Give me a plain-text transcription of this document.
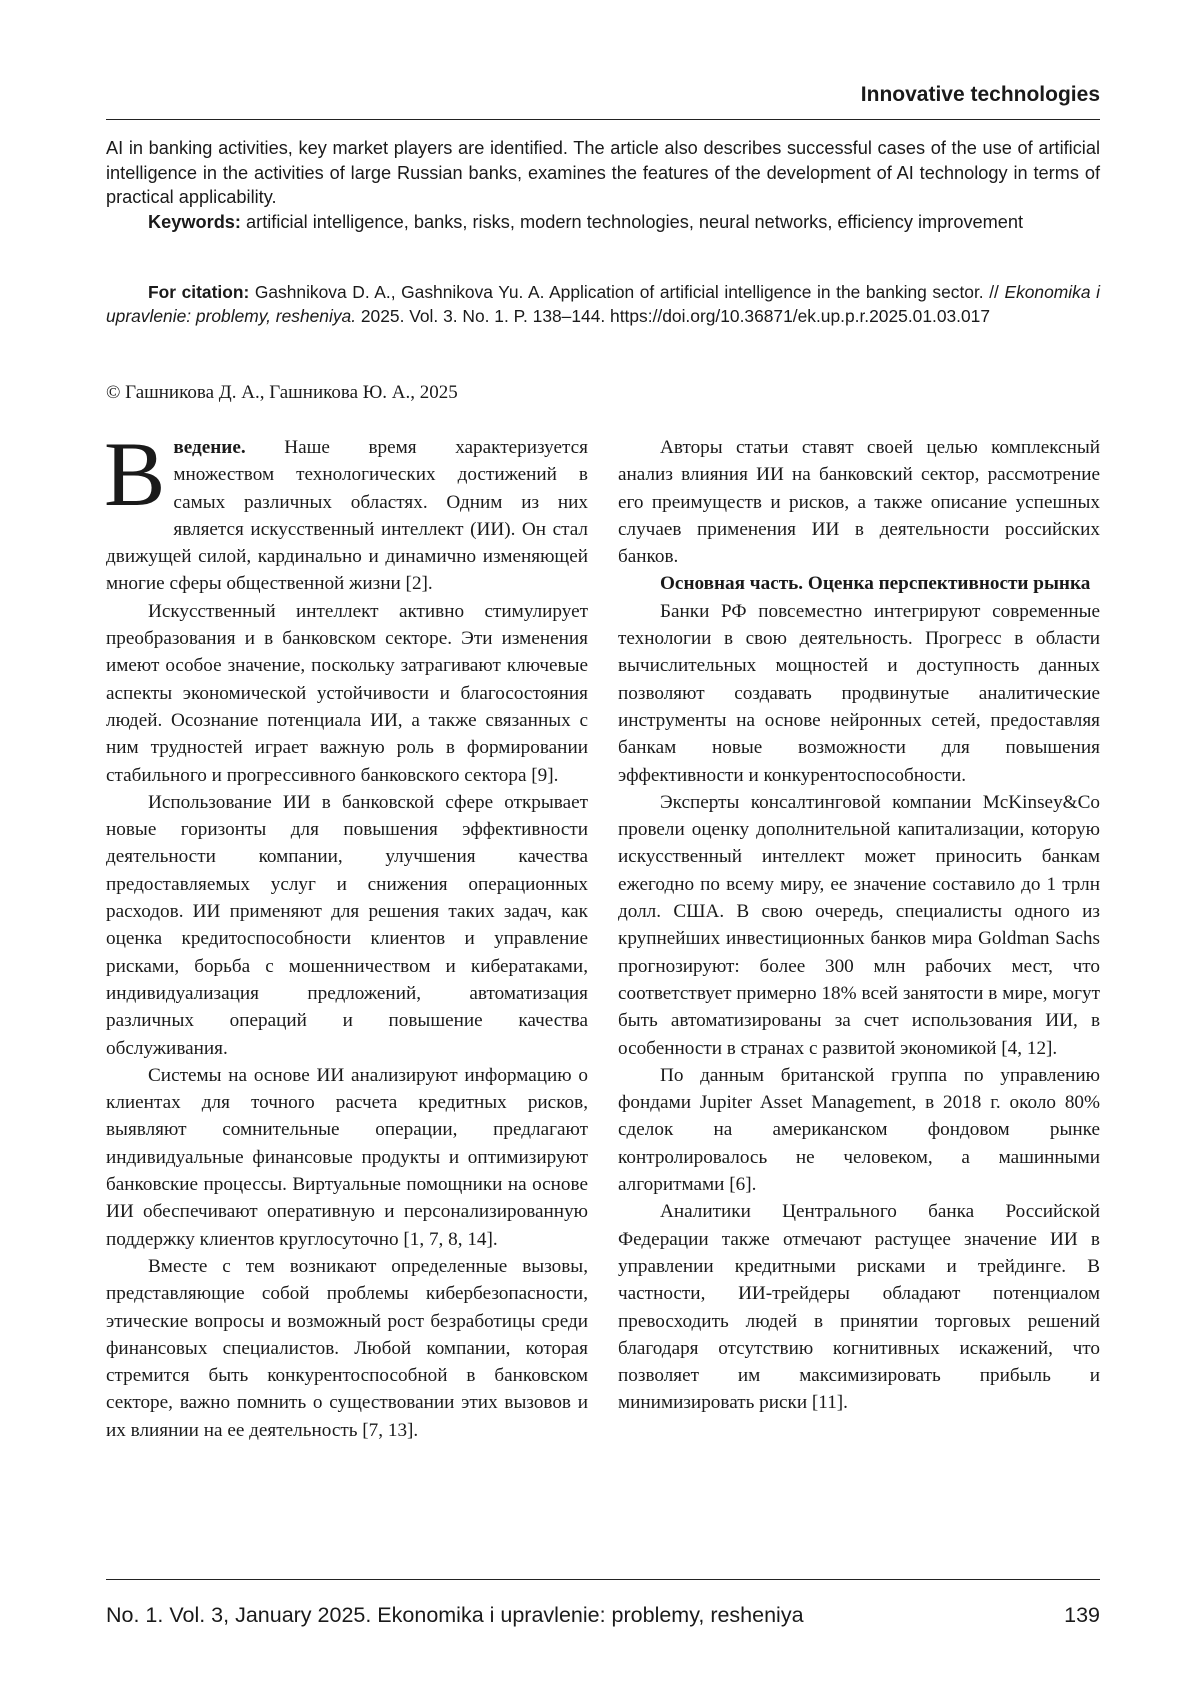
Innovative technologies

AI in banking activities, key market players are identified. The article also describes successful cases of the use of artificial intelligence in the activities of large Russian banks, examines the features of the development of AI technology in terms of practical applicability.

Keywords: artificial intelligence, banks, risks, modern technologies, neural networks, efficiency improvement

For citation: Gashnikova D. A., Gashnikova Yu. A. Application of artificial intelligence in the banking sector. // Ekonomika i upravlenie: problemy, resheniya. 2025. Vol. 3. No. 1. P. 138–144. https://doi.org/10.36871/ek.up.p.r.2025.01.03.017

© Гашникова Д. А., Гашникова Ю. А., 2025

Введение. Наше время характеризуется множеством технологических достижений в самых различных областях. Одним из них является искусственный интеллект (ИИ). Он стал движущей силой, кардинально и динамично изменяющей многие сферы общественной жизни [2].

Искусственный интеллект активно стимулирует преобразования и в банковском секторе. Эти изменения имеют особое значение, поскольку затрагивают ключевые аспекты экономической устойчивости и благосостояния людей. Осознание потенциала ИИ, а также связанных с ним трудностей играет важную роль в формировании стабильного и прогрессивного банковского сектора [9].

Использование ИИ в банковской сфере открывает новые горизонты для повышения эффективности деятельности компании, улучшения качества предоставляемых услуг и снижения операционных расходов. ИИ применяют для решения таких задач, как оценка кредитоспособности клиентов и управление рисками, борьба с мошенничеством и кибератаками, индивидуализация предложений, автоматизация различных операций и повышение качества обслуживания.

Системы на основе ИИ анализируют информацию о клиентах для точного расчета кредитных рисков, выявляют сомнительные операции, предлагают индивидуальные финансовые продукты и оптимизируют банковские процессы. Виртуальные помощники на основе ИИ обеспечивают оперативную и персонализированную поддержку клиентов круглосуточно [1, 7, 8, 14].

Вместе с тем возникают определенные вызовы, представляющие собой проблемы кибербезопасности, этические вопросы и возможный рост безработицы среди финансовых специалистов. Любой компании, которая стремится быть конкурентоспособной в банковском секторе, важно помнить о существовании этих вызовов и их влиянии на ее деятельность [7, 13].

Авторы статьи ставят своей целью комплексный анализ влияния ИИ на банковский сектор, рассмотрение его преимуществ и рисков, а также описание успешных случаев применения ИИ в деятельности российских банков.

Основная часть. Оценка перспективности рынка

Банки РФ повсеместно интегрируют современные технологии в свою деятельность. Прогресс в области вычислительных мощностей и доступность данных позволяют создавать продвинутые аналитические инструменты на основе нейронных сетей, предоставляя банкам новые возможности для повышения эффективности и конкурентоспособности.

Эксперты консалтинговой компании McKinsey&Co провели оценку дополнительной капитализации, которую искусственный интеллект может приносить банкам ежегодно по всему миру, ее значение составило до 1 трлн долл. США. В свою очередь, специалисты одного из крупнейших инвестиционных банков мира Goldman Sachs прогнозируют: более 300 млн рабочих мест, что соответствует примерно 18% всей занятости в мире, могут быть автоматизированы за счет использования ИИ, в особенности в странах с развитой экономикой [4, 12].

По данным британской группа по управлению фондами Jupiter Asset Management, в 2018 г. около 80% сделок на американском фондовом рынке контролировалось не человеком, а машинными алгоритмами [6].

Аналитики Центрального банка Российской Федерации также отмечают растущее значение ИИ в управлении кредитными рисками и трейдинге. В частности, ИИ-трейдеры обладают потенциалом превосходить людей в принятии торговых решений благодаря отсутствию когнитивных искажений, что позволяет им максимизировать прибыль и минимизировать риски [11].

No. 1. Vol. 3, January 2025. Ekonomika i upravlenie: problemy, resheniya	139
